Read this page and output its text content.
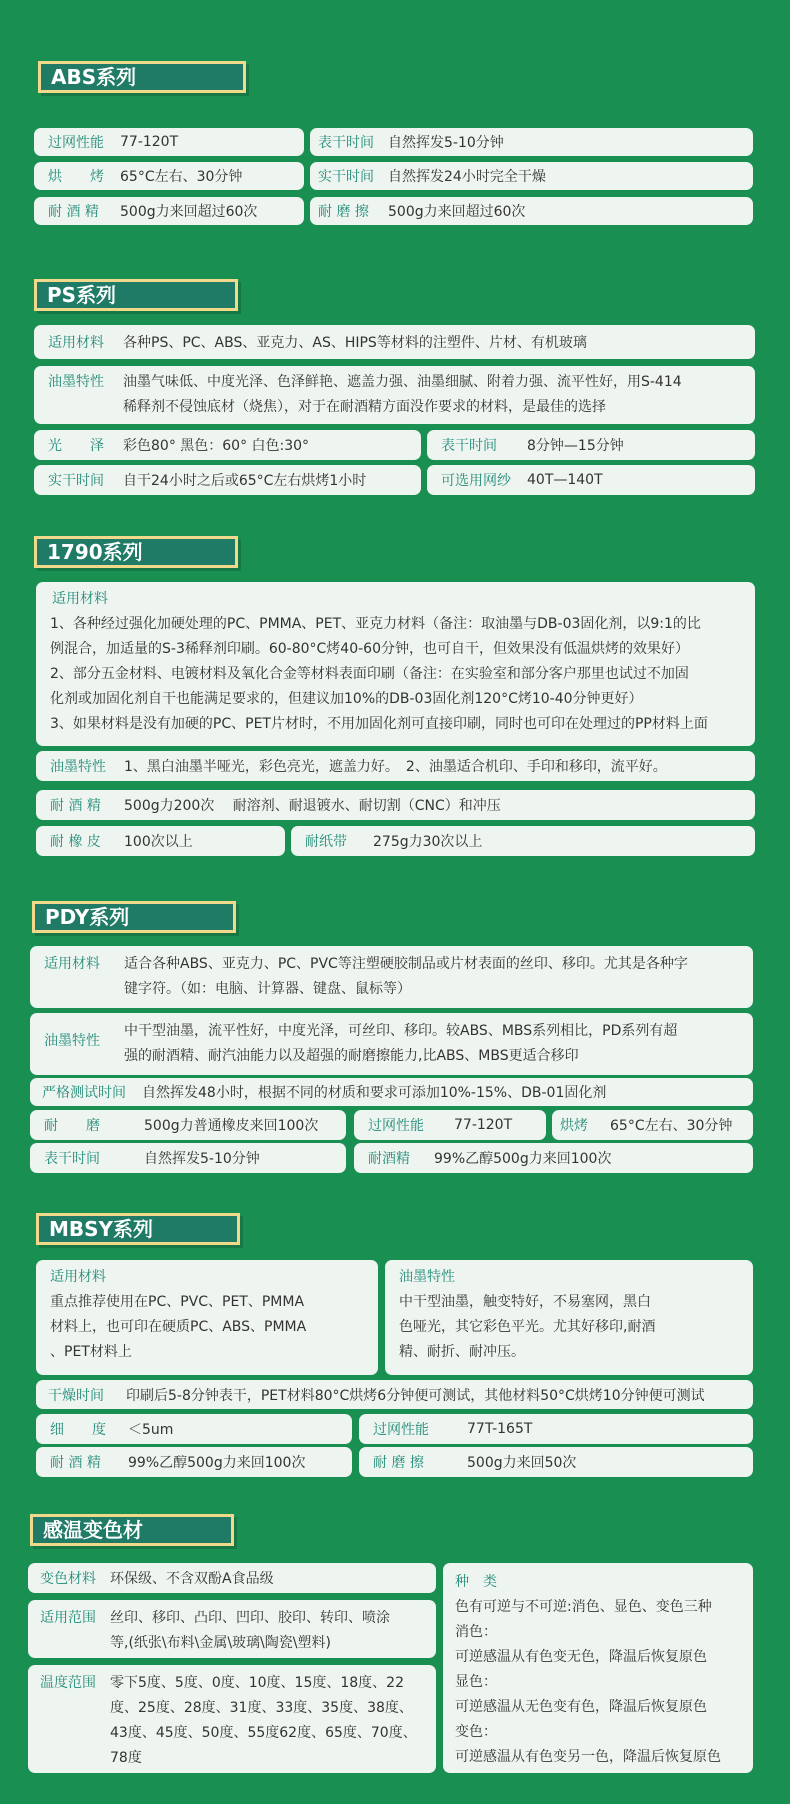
ABS系列
过网性能	77-120T	表干时间	自然挥发5-10分钟
烘　　烤	65°C左右、30分钟	实干时间	自然挥发24小时完全干燥
耐 酒 精	500g力来回超过60次	耐 磨 擦	500g力来回超过60次
PS系列
适用材料	各种PS、PC、ABS、亚克力、AS、HIPS等材料的注塑件、片材、有机玻璃
油墨特性	油墨气味低、中度光泽、色泽鲜艳、遮盖力强、油墨细腻、附着力强、流平性好，用S-414
稀释剂不侵蚀底材（烧焦），对于在耐酒精方面没作要求的材料，是最佳的选择
光　　泽	彩色80° 黑色：60° 白色:30°	表干时间	8分钟—15分钟
实干时间	自干24小时之后或65°C左右烘烤1小时	可选用网纱	40T—140T
1790系列
适用材料
1、各种经过强化加硬处理的PC、PMMA、PET、亚克力材料（备注：取油墨与DB-03固化剂，以9:1的比
例混合，加适量的S-3稀释剂印刷。60-80°C烤40-60分钟，也可自干，但效果没有低温烘烤的效果好）
2、部分五金材料、电镀材料及氧化合金等材料表面印刷（备注：在实验室和部分客户那里也试过不加固
化剂或加固化剂自干也能满足要求的，但建议加10%的DB-03固化剂120°C烤10-40分钟更好）
3、如果材料是没有加硬的PC、PET片材时，不用加固化剂可直接印刷，同时也可印在处理过的PP材料上面
油墨特性	1、黑白油墨半哑光，彩色亮光，遮盖力好。　2、油墨适合机印、手印和移印，流平好。
耐 酒 精	500g力200次　 耐溶剂、耐退镀水、耐切割（CNC）和冲压
耐 橡 皮	100次以上	耐纸带	275g力30次以上
PDY系列
适用材料	适合各种ABS、亚克力、PC、PVC等注塑硬胶制品或片材表面的丝印、移印。尤其是各种字
键字符。（如：电脑、计算器、键盘、鼠标等）
油墨特性
中干型油墨，流平性好，中度光泽，可丝印、移印。较ABS、MBS系列相比，PD系列有超
强的耐酒精、耐汽油能力以及超强的耐磨擦能力,比ABS、MBS更适合移印
严格测试时间	自然挥发48小时，根据不同的材质和要求可添加10%-15%、DB-01固化剂
耐　　磨	500g力普通橡皮来回100次	过网性能	77-120T	烘烤	65°C左右、30分钟
表干时间	自然挥发5-10分钟	耐酒精	99%乙醇500g力来回100次
MBSY系列
适用材料
重点推荐使用在PC、PVC、PET、PMMA
材料上，也可印在硬质PC、ABS、PMMA
、PET材料上
油墨特性
中干型油墨，触变特好，不易塞网，黑白
色哑光，其它彩色平光。尤其好移印,耐酒
精、耐折、耐冲压。
干燥时间	印刷后5-8分钟表干，PET材料80°C烘烤6分钟便可测试，其他材料50°C烘烤10分钟便可测试
细　　度	＜5um	过网性能	77T-165T
耐 酒 精	99%乙醇500g力来回100次	耐 磨 擦	500g力来回50次
感温变色材
变色材料	环保级、不含双酚A食品级
适用范围	丝印、移印、凸印、凹印、胶印、转印、喷涂
等,(纸张\布料\金属\玻璃\陶瓷\塑料)
温度范围	零下5度、5度、0度、10度、15度、18度、22
度、25度、28度、31度、33度、35度、38度、
43度、45度、50度、55度62度、65度、70度、
78度
种　类
色有可逆与不可逆:消色、显色、变色三种
消色：
可逆感温从有色变无色，降温后恢复原色
显色：
可逆感温从无色变有色，降温后恢复原色
变色：
可逆感温从有色变另一色，降温后恢复原色
